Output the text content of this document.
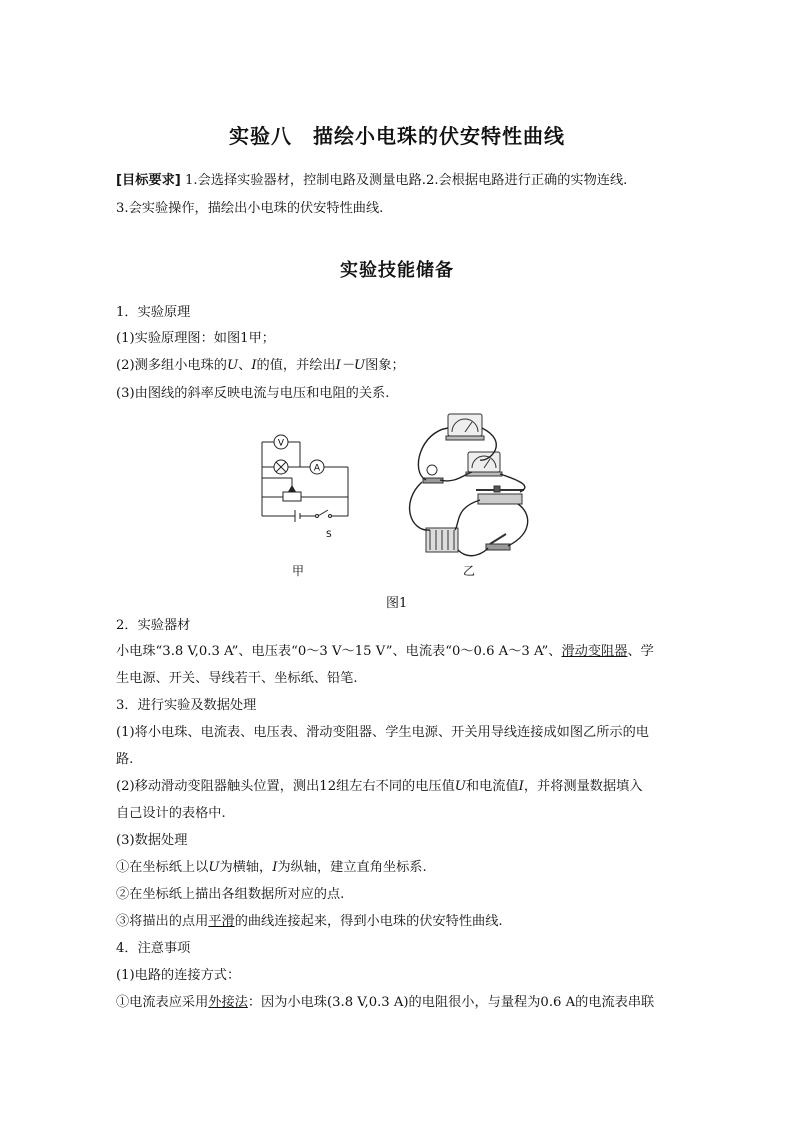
实验八　描绘小电珠的伏安特性曲线
[目标要求] 1.会选择实验器材，控制电路及测量电路.2.会根据电路进行正确的实物连线.
3.会实验操作，描绘出小电珠的伏安特性曲线.
实验技能储备
1．实验原理
(1)实验原理图：如图1甲；
(2)测多组小电珠的U、I的值，并绘出I－U图象；
(3)由图线的斜率反映电流与电压和电阻的关系.
V
A
S
甲	乙
图1
2．实验器材
小电珠“3.8 V,0.3 A”、电压表“0～3 V～15 V”、电流表“0～0.6 A～3 A”、滑动变阻器、学
生电源、开关、导线若干、坐标纸、铅笔.
3．进行实验及数据处理
(1)将小电珠、电流表、电压表、滑动变阻器、学生电源、开关用导线连接成如图乙所示的电
路.
(2)移动滑动变阻器触头位置，测出12组左右不同的电压值U和电流值I，并将测量数据填入
自己设计的表格中.
(3)数据处理
①在坐标纸上以U为横轴，I为纵轴，建立直角坐标系.
②在坐标纸上描出各组数据所对应的点.
③将描出的点用平滑的曲线连接起来，得到小电珠的伏安特性曲线.
4．注意事项
(1)电路的连接方式：
①电流表应采用外接法：因为小电珠(3.8 V,0.3 A)的电阻很小，与量程为0.6 A的电流表串联
